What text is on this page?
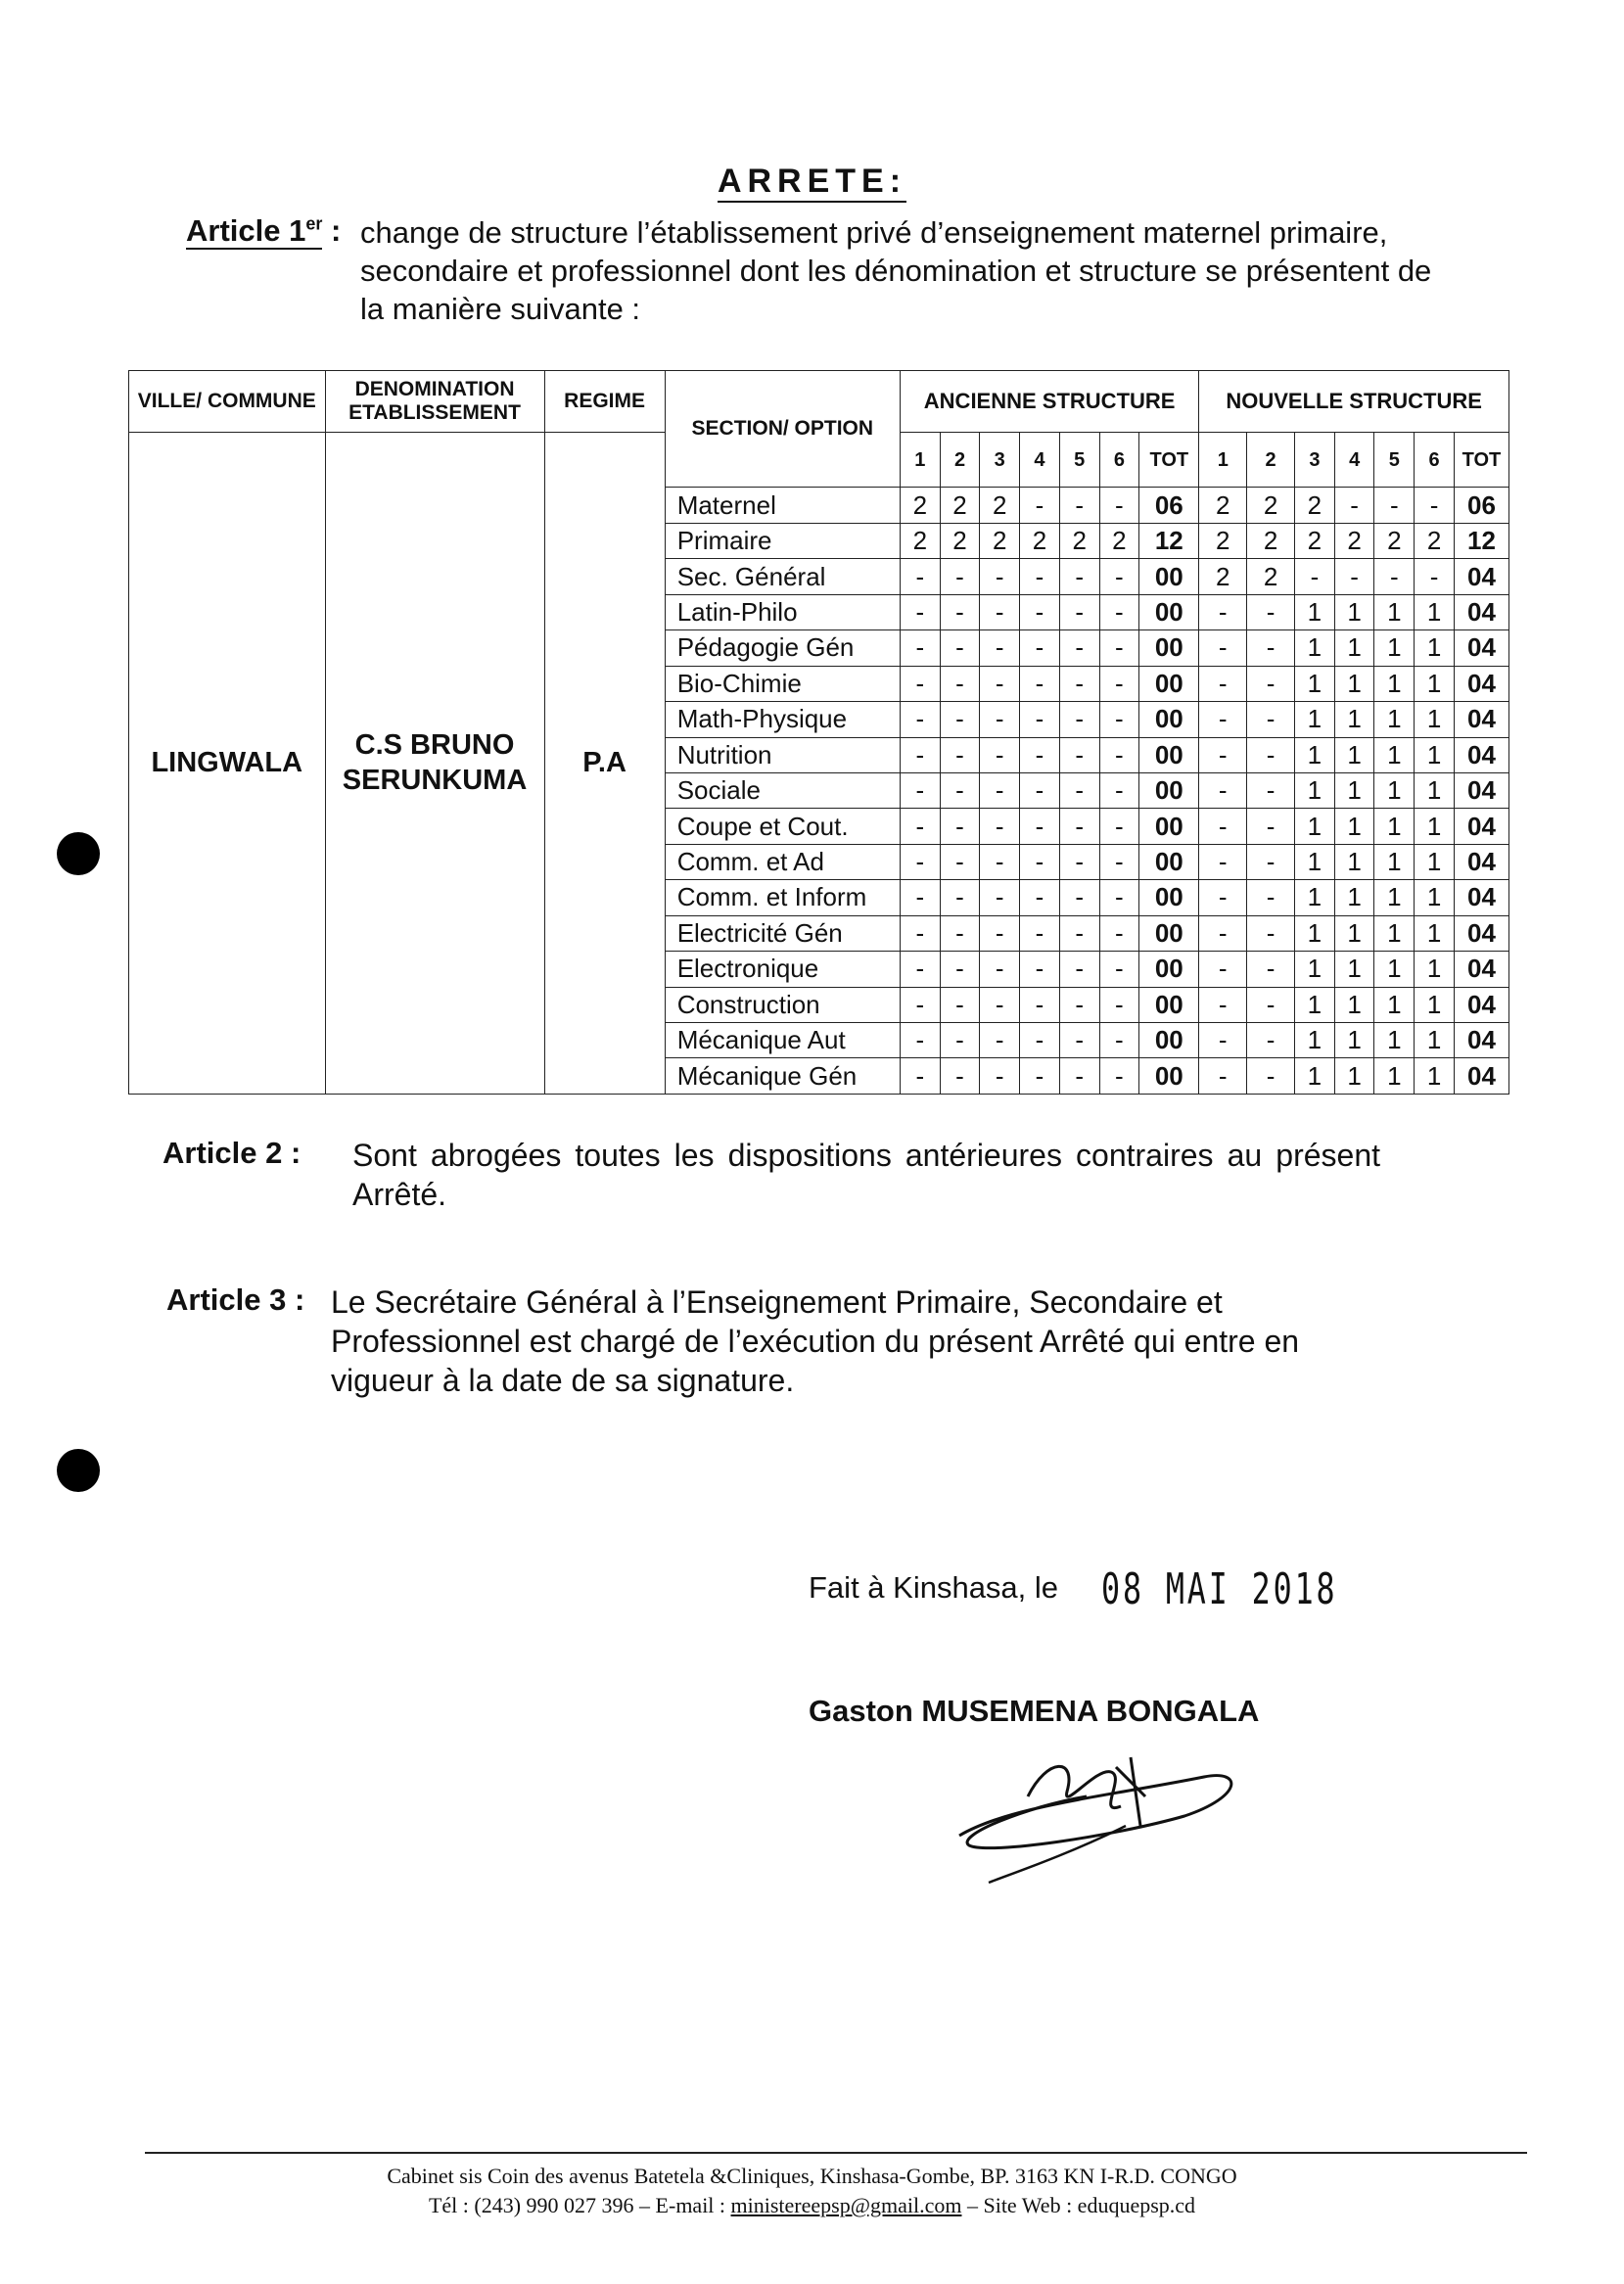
ARRETE:
Article 1er : change de structure l’établissement privé d’enseignement maternel primaire, secondaire et professionnel dont les dénomination et structure se présentent de la manière suivante :
VILLE/ COMMUNE	DENOMINATION ETABLISSEMENT	REGIME	SECTION/ OPTION	ANCIENNE STRUCTURE							NOUVELLE STRUCTURE						
LINGWALA	C.S BRUNO SERUNKUMA	P.A		1	2	3	4	5	6	TOT	1	2	3	4	5	6	TOT
			Maternel	2	2	2	-	-	-	06	2	2	2	-	-	-	06
			Primaire	2	2	2	2	2	2	12	2	2	2	2	2	2	12
			Sec. Général	-	-	-	-	-	-	00	2	2	-	-	-	-	04
			Latin-Philo	-	-	-	-	-	-	00	-	-	1	1	1	1	04
			Pédagogie Gén	-	-	-	-	-	-	00	-	-	1	1	1	1	04
			Bio-Chimie	-	-	-	-	-	-	00	-	-	1	1	1	1	04
			Math-Physique	-	-	-	-	-	-	00	-	-	1	1	1	1	04
			Nutrition	-	-	-	-	-	-	00	-	-	1	1	1	1	04
			Sociale	-	-	-	-	-	-	00	-	-	1	1	1	1	04
			Coupe et Cout.	-	-	-	-	-	-	00	-	-	1	1	1	1	04
			Comm. et Ad	-	-	-	-	-	-	00	-	-	1	1	1	1	04
			Comm. et Inform	-	-	-	-	-	-	00	-	-	1	1	1	1	04
			Electricité Gén	-	-	-	-	-	-	00	-	-	1	1	1	1	04
			Electronique	-	-	-	-	-	-	00	-	-	1	1	1	1	04
			Construction	-	-	-	-	-	-	00	-	-	1	1	1	1	04
			Mécanique Aut	-	-	-	-	-	-	00	-	-	1	1	1	1	04
			Mécanique Gén	-	-	-	-	-	-	00	-	-	1	1	1	1	04
Article 2 : Sont abrogées toutes les dispositions antérieures contraires au présent Arrêté.
Article 3 : Le Secrétaire Général à l’Enseignement Primaire, Secondaire et Professionnel est chargé de l’exécution du présent Arrêté qui entre en vigueur à la date de sa signature.
Fait à Kinshasa, le 08 MAI 2018
Gaston MUSEMENA BONGALA
Cabinet sis Coin des avenus Batetela &Cliniques, Kinshasa-Gombe, BP. 3163 KN I-R.D. CONGO
Tél : (243) 990 027 396 – E-mail : ministereepsp@gmail.com – Site Web : eduquepsp.cd
